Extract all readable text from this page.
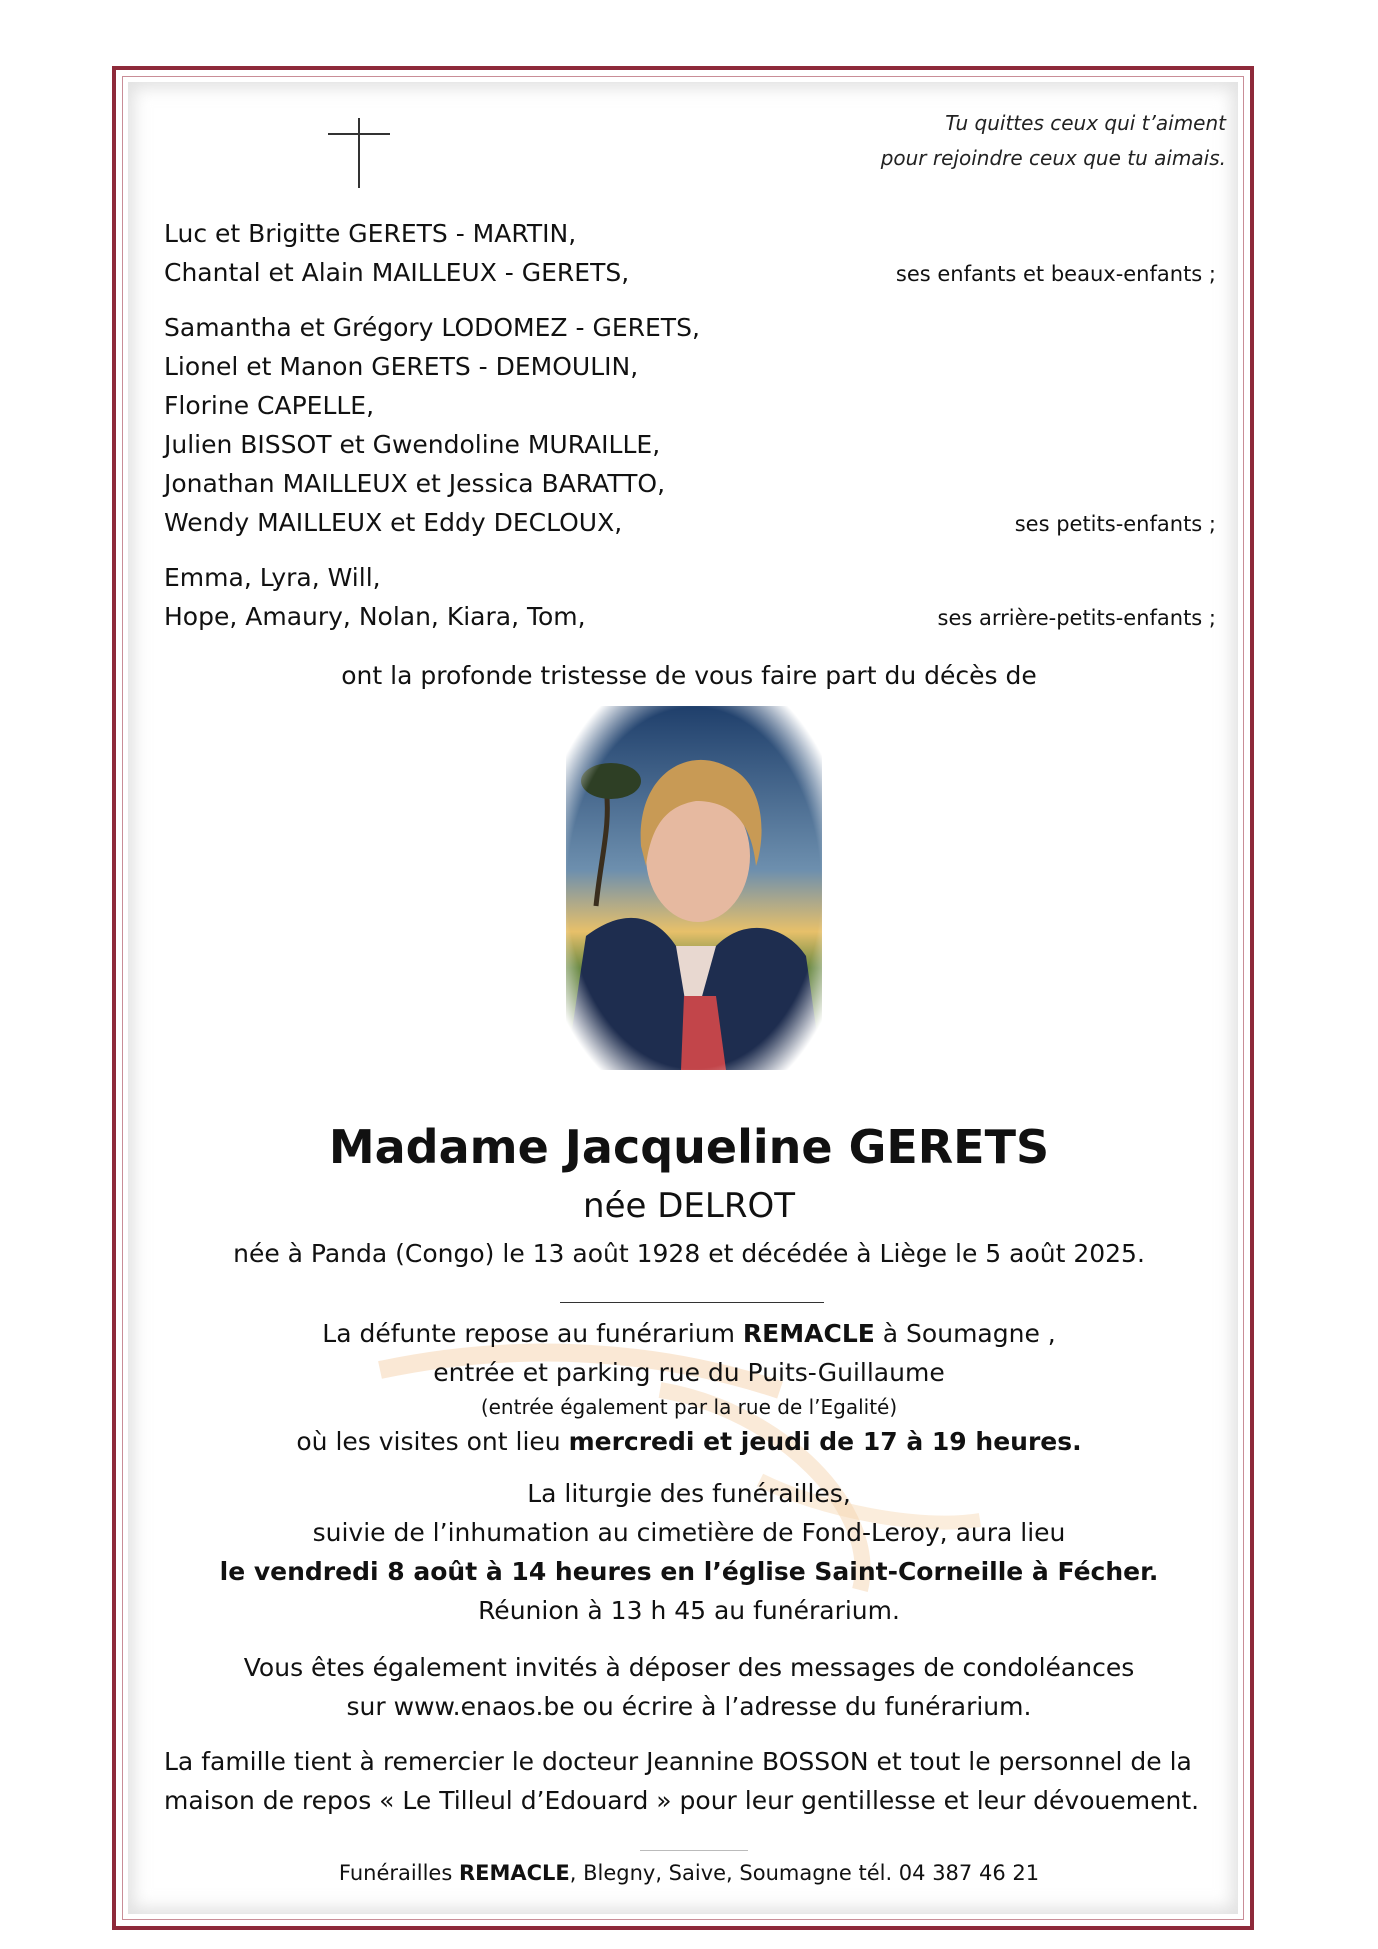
Tu quittes ceux qui t’aiment
pour rejoindre ceux que tu aimais.
Luc et Brigitte GERETS - MARTIN,
Chantal et Alain MAILLEUX - GERETS,	ses enfants et beaux-enfants ;
Samantha et Grégory LODOMEZ - GERETS,
Lionel et Manon GERETS - DEMOULIN,
Florine CAPELLE,
Julien BISSOT et Gwendoline MURAILLE,
Jonathan MAILLEUX et Jessica BARATTO,
Wendy MAILLEUX et Eddy DECLOUX,	ses petits-enfants ;
Emma, Lyra, Will,
Hope, Amaury, Nolan, Kiara, Tom,	ses arrière-petits-enfants ;
ont la profonde tristesse de vous faire part du décès de
Madame Jacqueline GERETS
née DELROT
née à Panda (Congo) le 13 août 1928 et décédée à Liège le 5 août 2025.
La défunte repose au funérarium REMACLE à Soumagne ,
entrée et parking rue du Puits-Guillaume
(entrée également par la rue de l’Egalité)
où les visites ont lieu mercredi et jeudi de 17 à 19 heures.
La liturgie des funérailles,
suivie de l’inhumation au cimetière de Fond-Leroy, aura lieu
le vendredi 8 août à 14 heures en l’église Saint-Corneille à Fécher.
Réunion à 13 h 45 au funérarium.
Vous êtes également invités à déposer des messages de condoléances
sur www.enaos.be ou écrire à l’adresse du funérarium.
La famille tient à remercier le docteur Jeannine BOSSON et tout le personnel de la
maison de repos « Le Tilleul d’Edouard » pour leur gentillesse et leur dévouement.
Funérailles REMACLE, Blegny, Saive, Soumagne tél. 04 387 46 21
